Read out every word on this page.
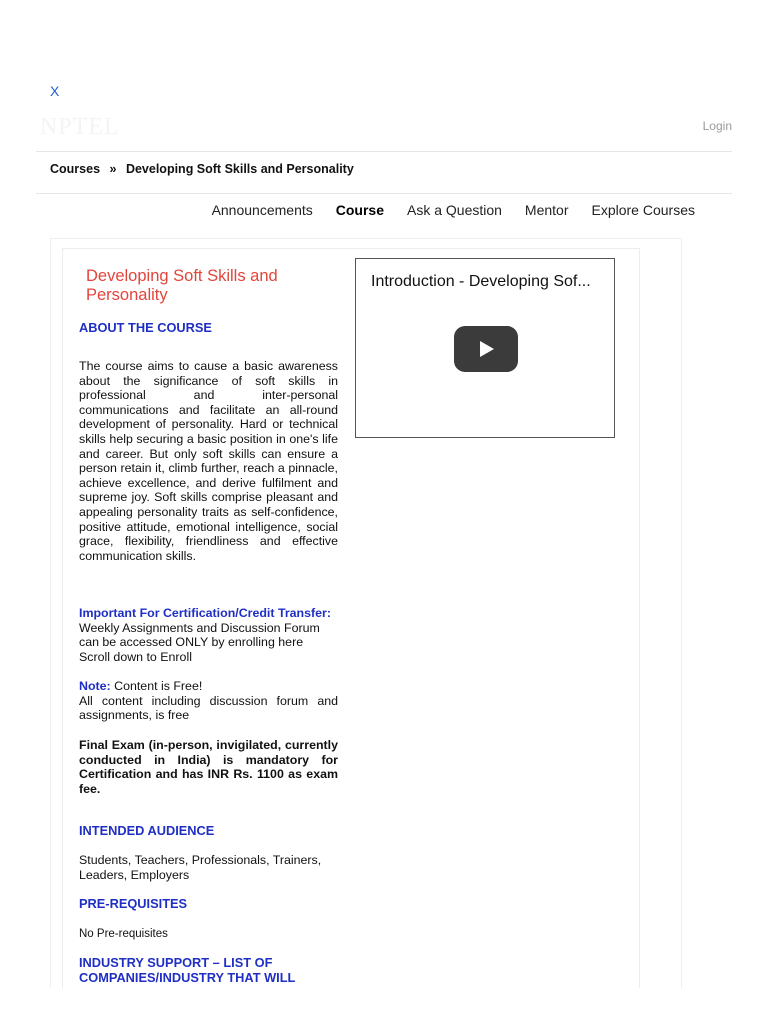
X
NPTEL	Login
Courses » Developing Soft Skills and Personality
Announcements Course Ask a Question Mentor Explore Courses
Developing Soft Skills and Personality
ABOUT THE COURSE
The course aims to cause a basic awareness about the significance of soft skills in professional and inter-personal communications and facilitate an all-round development of personality. Hard or technical skills help securing a basic position in one's life and career. But only soft skills can ensure a person retain it, climb further, reach a pinnacle, achieve excellence, and derive fulfilment and supreme joy. Soft skills comprise pleasant and appealing personality traits as self-confidence, positive attitude, emotional intelligence, social grace, flexibility, friendliness and effective communication skills.
Important For Certification/Credit Transfer:
Weekly Assignments and Discussion Forum can be accessed ONLY by enrolling here
Scroll down to Enroll
Note: Content is Free!

All content including discussion forum and assignments, is free
Final Exam (in-person, invigilated, currently conducted in India) is mandatory for Certification and has INR Rs. 1100 as exam fee.
INTENDED AUDIENCE
Students, Teachers, Professionals, Trainers, Leaders, Employers
PRE-REQUISITES
No Pre-requisites
INDUSTRY SUPPORT – LIST OF COMPANIES/INDUSTRY THAT WILL
Introduction - Developing Sof...
